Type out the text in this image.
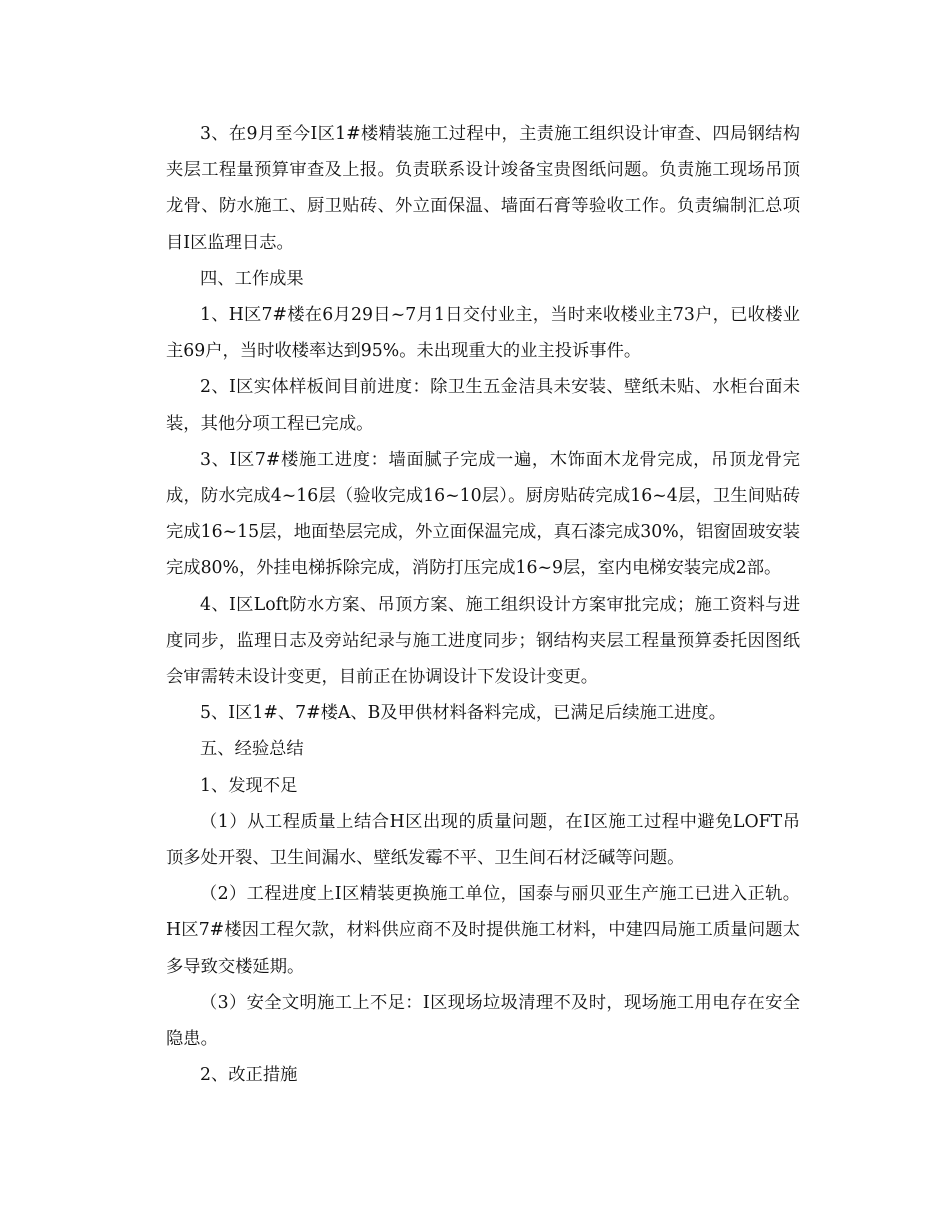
3、在9月至今I区1#楼精装施工过程中，主责施工组织设计审查、四局钢结构夹层工程量预算审查及上报。负责联系设计竣备宝贵图纸问题。负责施工现场吊顶龙骨、防水施工、厨卫贴砖、外立面保温、墙面石膏等验收工作。负责编制汇总项目I区监理日志。

四、工作成果

1、H区7#楼在6月29日~7月1日交付业主，当时来收楼业主73户，已收楼业主69户，当时收楼率达到95%。未出现重大的业主投诉事件。

2、I区实体样板间目前进度：除卫生五金洁具未安装、壁纸未贴、水柜台面未装，其他分项工程已完成。

3、I区7#楼施工进度：墙面腻子完成一遍，木饰面木龙骨完成，吊顶龙骨完成，防水完成4~16层（验收完成16~10层）。厨房贴砖完成16~4层，卫生间贴砖完成16~15层，地面垫层完成，外立面保温完成，真石漆完成30%，铝窗固玻安装完成80%，外挂电梯拆除完成，消防打压完成16~9层，室内电梯安装完成2部。

4、I区Loft防水方案、吊顶方案、施工组织设计方案审批完成；施工资料与进度同步，监理日志及旁站纪录与施工进度同步；钢结构夹层工程量预算委托因图纸会审需转未设计变更，目前正在协调设计下发设计变更。

5、I区1#、7#楼A、B及甲供材料备料完成，已满足后续施工进度。

五、经验总结

1、发现不足

（1）从工程质量上结合H区出现的质量问题，在I区施工过程中避免LOFT吊顶多处开裂、卫生间漏水、壁纸发霉不平、卫生间石材泛碱等问题。

（2）工程进度上I区精装更换施工单位，国泰与丽贝亚生产施工已进入正轨。H区7#楼因工程欠款，材料供应商不及时提供施工材料，中建四局施工质量问题太多导致交楼延期。

（3）安全文明施工上不足：I区现场垃圾清理不及时，现场施工用电存在安全隐患。

2、改正措施
